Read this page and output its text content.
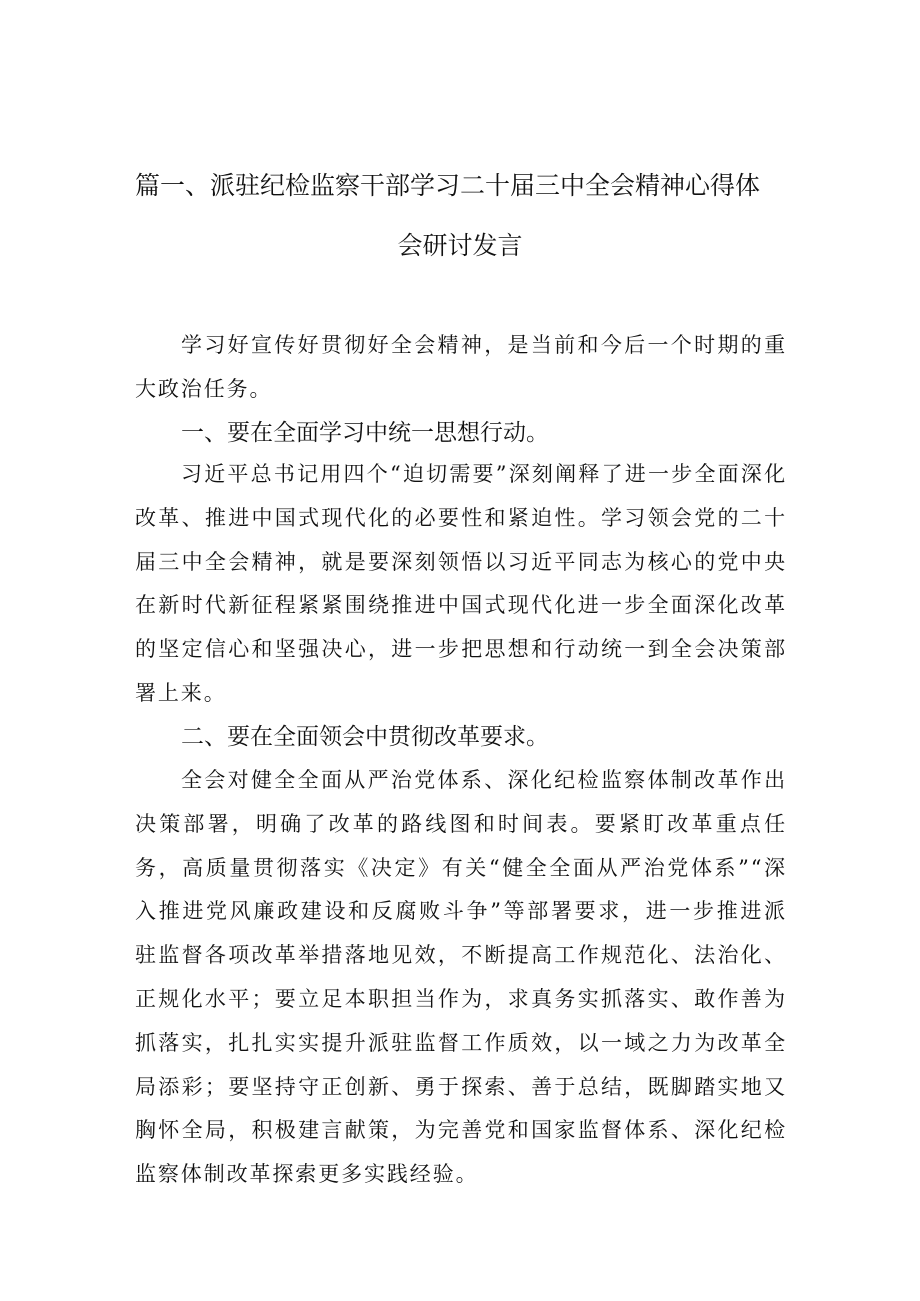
篇一、派驻纪检监察干部学习二十届三中全会精神心得体
会研讨发言

学习好宣传好贯彻好全会精神，是当前和今后一个时期的重大政治任务。

一、要在全面学习中统一思想行动。

习近平总书记用四个“迫切需要”深刻阐释了进一步全面深化改革、推进中国式现代化的必要性和紧迫性。学习领会党的二十届三中全会精神，就是要深刻领悟以习近平同志为核心的党中央在新时代新征程紧紧围绕推进中国式现代化进一步全面深化改革的坚定信心和坚强决心，进一步把思想和行动统一到全会决策部署上来。

二、要在全面领会中贯彻改革要求。

全会对健全全面从严治党体系、深化纪检监察体制改革作出决策部署，明确了改革的路线图和时间表。要紧盯改革重点任务，高质量贯彻落实《决定》有关“健全全面从严治党体系”“深入推进党风廉政建设和反腐败斗争”等部署要求，进一步推进派驻监督各项改革举措落地见效，不断提高工作规范化、法治化、正规化水平；要立足本职担当作为，求真务实抓落实、敢作善为抓落实，扎扎实实提升派驻监督工作质效，以一域之力为改革全局添彩；要坚持守正创新、勇于探索、善于总结，既脚踏实地又胸怀全局，积极建言献策，为完善党和国家监督体系、深化纪检监察体制改革探索更多实践经验。
